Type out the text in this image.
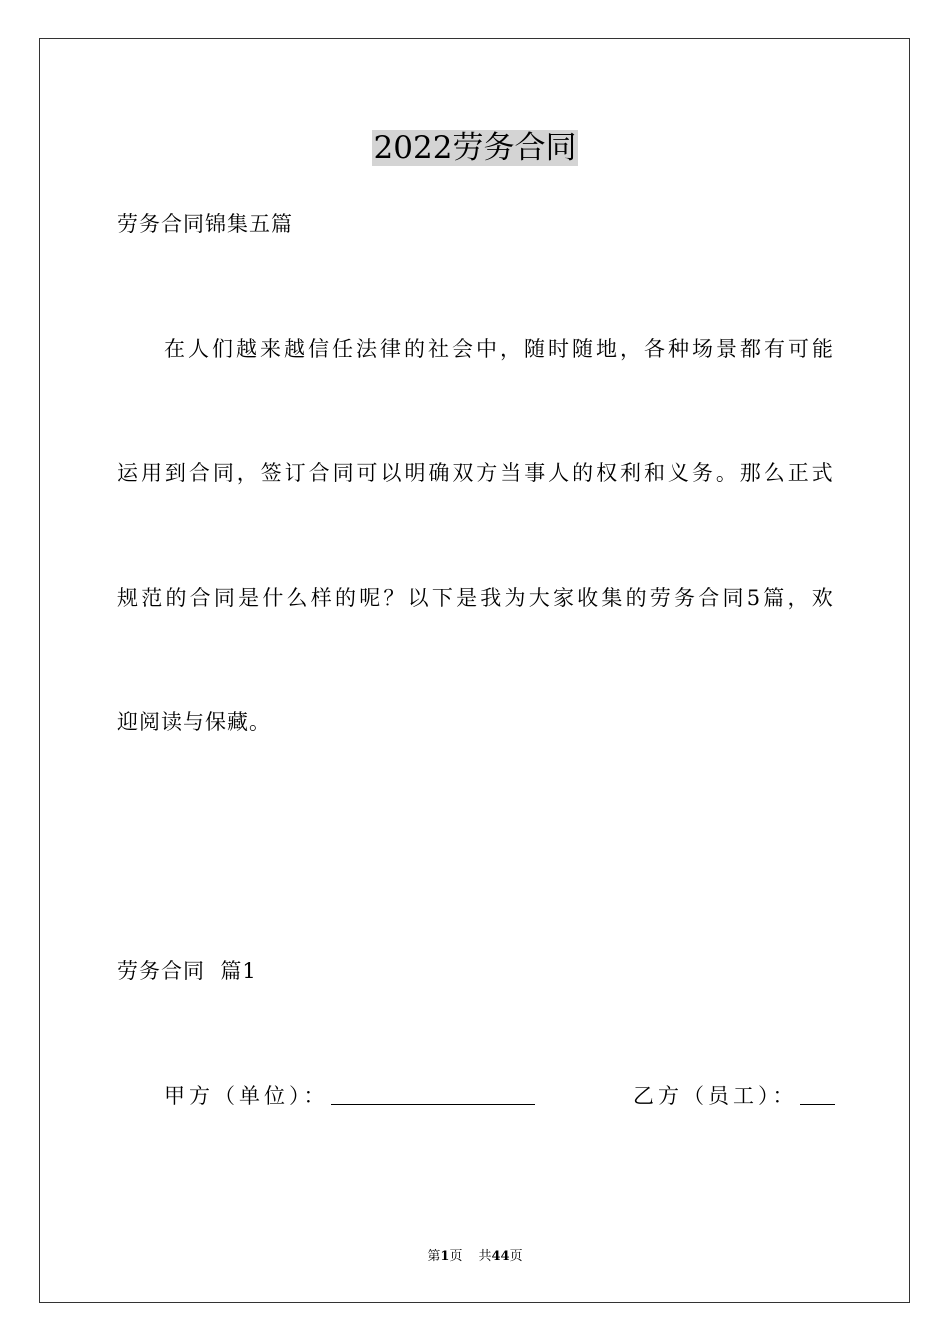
2022劳务合同
劳务合同锦集五篇
在 人 们 越 来 越 信 任 法 律 的 社 会 中 ， 随 时 随 地 ， 各 种 场 景 都 有 可 能
运 用 到 合 同 ， 签 订 合 同 可 以 明 确 双 方 当 事 人 的 权 利 和 义 务 。 那 么 正 式
规 范 的 合 同 是 什 么 样 的 呢 ？ 以 下 是 我 为 大 家 收 集 的 劳 务 合 同 5 篇 ， 欢
迎阅读与保藏。
劳务合同  篇1
甲方（单位）：	乙方（员工）：
第1页 共44页
